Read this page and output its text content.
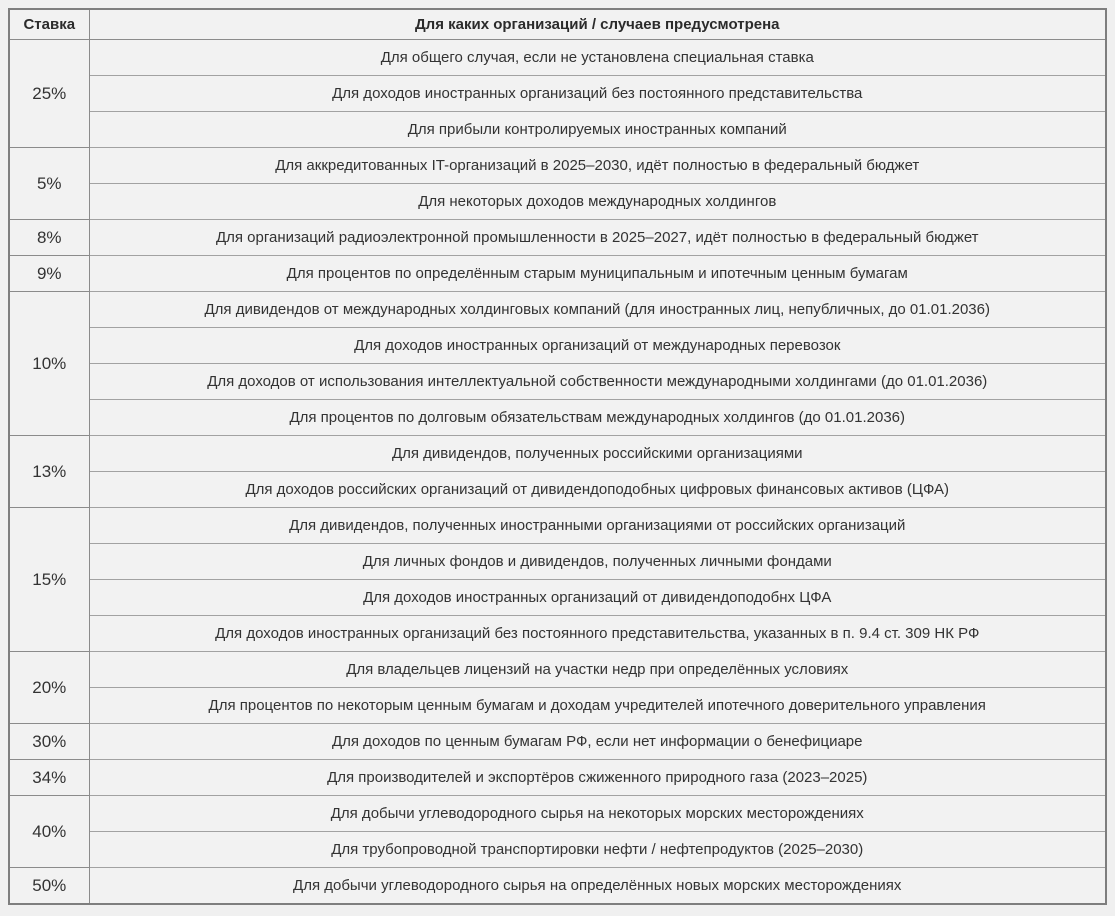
Ставка	Для каких организаций / случаев предусмотрена
25%	Для общего случая, если не установлена специальная ставка
	Для доходов иностранных организаций без постоянного представительства
	Для прибыли контролируемых иностранных компаний
5%	Для аккредитованных IT-организаций в 2025–2030, идёт полностью в федеральный бюджет
	Для некоторых доходов международных холдингов
8%	Для организаций радиоэлектронной промышленности в 2025–2027, идёт полностью в федеральный бюджет
9%	Для процентов по определённым старым муниципальным и ипотечным ценным бумагам
10%	Для дивидендов от международных холдинговых компаний (для иностранных лиц, непубличных, до 01.01.2036)
	Для доходов иностранных организаций от международных перевозок
	Для доходов от использования интеллектуальной собственности международными холдингами (до 01.01.2036)
	Для процентов по долговым обязательствам международных холдингов (до 01.01.2036)
13%	Для дивидендов, полученных российскими организациями
	Для доходов российских организаций от дивидендоподобных цифровых финансовых активов (ЦФА)
15%	Для дивидендов, полученных иностранными организациями от российских организаций
	Для личных фондов и дивидендов, полученных личными фондами
	Для доходов иностранных организаций от дивидендоподобнх ЦФА
	Для доходов иностранных организаций без постоянного представительства, указанных в п. 9.4 ст. 309 НК РФ
20%	Для владельцев лицензий на участки недр при определённых условиях
	Для процентов по некоторым ценным бумагам и доходам учредителей ипотечного доверительного управления
30%	Для доходов по ценным бумагам РФ, если нет информации о бенефициаре
34%	Для производителей и экспортёров сжиженного природного газа (2023–2025)
40%	Для добычи углеводородного сырья на некоторых морских месторождениях
	Для трубопроводной транспортировки нефти / нефтепродуктов (2025–2030)
50%	Для добычи углеводородного сырья на определённых новых морских месторождениях
